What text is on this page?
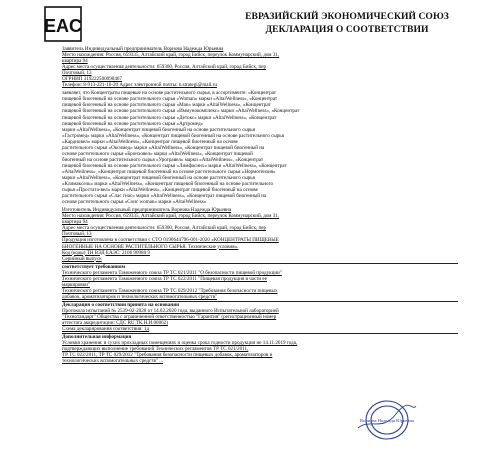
EAC	ЕВРАЗИЙСКИЙ ЭКОНОМИЧЕСКИЙ СОЮЗ
ДЕКЛАРАЦИЯ О СООТВЕТСТВИИ
Заявитель Индивидуальный предприниматель Ворнова Надежда Юрьевна
Место нахождения: Россия, 659335, Алтайский край, город Бийск, переулок Коммунарский, дом 31,
квартира 94
Адрес места осуществления деятельности: 659300, Россия, Алтайский край, город Бийск, пер
Почтовый, 13
ОГРНИП 319222500090467
Телефон: 8-913-221-16-20 Адрес электронной почты: n.strategi@mail.ru
заявляет, что Концентраты пищевые на основе растительного сырья, в ассортименте: «Концентрат
пищевой биогенный на основе растительного сырья «Woman» марки «AltaiWellness», «Концентрат
пищевой биогенный на основе растительного сырья «Man» марки «AltaiWellness», «Концентрат
пищевой биогенный на основе растительного сырья «Иммунокомплекс» марки «AltaiWellness», «Концентрат
пищевой биогенный на основе растительного сырья «Детокс» марки «AltaiWellness», «Концентрат
пищевой биогенный на основе растительного сырья «Артромед»
марки «AltaiWellness», «Концентрат пищевой биогенный на основе растительного сырья
«Гастромед» марки «AltaiWellness», «Концентрат пищевой биогенный на основе растительного сырья
«Кардиовел» марки «AltaiWellness», «Концентрат пищевой биогенный на основе
растительного сырья «Оксимед» марки «AltaiWellness», «Концентрат пищевой биогенный на
основе растительного сырья «Бронховел» марки «AltaiWellness», «Концентрат пищевой
биогенный на основе растительного сырья «Урогравел» марки «AltaiWellness», «Концентрат
пищевой биогенный на основе растительного сырья «Лимфасинх» марки «AltaiWellness», «Концентрат
«AltaiWellness», «Концентрат пищевой биогенный на основе растительного сырья «Нормотензия»
марки «AltaiWellness», «Концентрат пищевой биогенный на основе растительного сырья
«Климаксель» марки «AltaiWellness», «Концентрат пищевой биогенный на основе растительного
сырья «Простата-вел» марки «AltaiWellness», «Концентрат пищевой биогенный на основе
растительного сырья «Слас гнас» марки «AltaiWellness», «Концентрат пищевой биогенный на
основе растительного сырья «Сонс woman» марки «AltaiWellness»
Изготовитель Индивидуальный предприниматель Ворнова Надежда Юрьевна
Место нахождения: Россия, 659335, Алтайский край, город Бийск, переулок Коммунарский, дом 31,
квартира 94
Адрес места осуществления деятельности: 659300, Россия, Алтайский край, город Бийск, пер
Почтовый, 13
Продукция изготовлена в соответствии с СТО 0190644796-001-2020 «КОНЦЕНТРАТЫ ПИЩЕВЫЕ
БИОГЕННЫЕ НА ОСНОВЕ РАСТИТЕЛЬНОГО СЫРЬЯ. Технические условия».
Код (коды) ТН ВЭД ЕАЭС: 2106 90980 9
Серийный выпуск
соответствует требованиям
Технического регламента Таможенного союза ТР ТС 021/2011 "О безопасности пищевой продукции"
Технического регламента Таможенного союза ТР ТС 022/2011 "Пищевая продукция в части ее
маркировки"
Технического регламента Таможенного союза ТР ТС 029/2012 "Требования безопасности пищевых
добавок, ароматизаторов и технологических вспомогательных средств"
Декларация о соответствии принята на основании
Протокола испытаний № 2539-02-2020 от 14.02.2020 года, выданного Испытательной лабораторией
"Технотандарт" Общества с ограниченной ответственностью "Гарантия" (регистрационный номер
аттестата аккредитации: СДС RU.ТК.Н.И.00062)
Схема декларирования соответствия: 1д
Дополнительная информация
Условия хранения: в сухих прохладных помещениях и оценка срока годности продукции не 14.11.2019 года,
подтверждающих выполнение требований Технических регламентов ТР ТС 021/2011,
ТР ТС 022/2011, ТР ТС 029/2012 "Требования безопасности пищевых добавок, ароматизаторов и
технологических вспомогательных средств" ...
Ворнова Надежда Юрьевна
